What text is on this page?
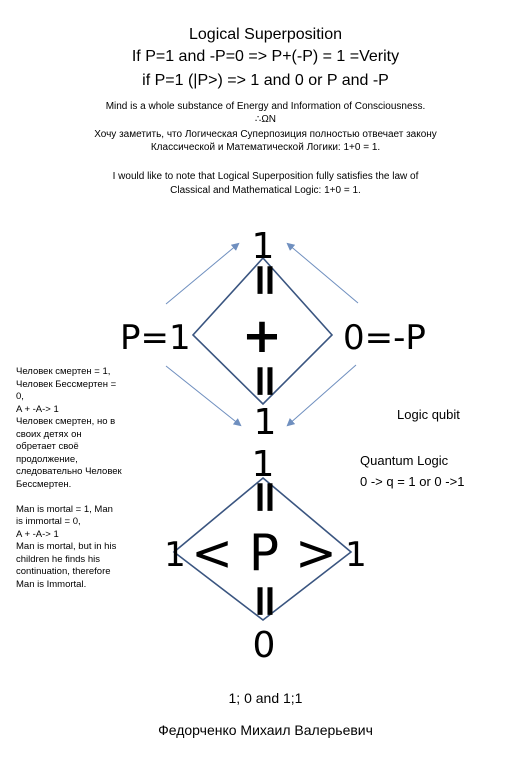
Logical Superposition
If P=1 and -P=0 => P+(-P) = 1 =Verity
if P=1 (|P>) => 1 and 0 or P and -P
Mind is a whole substance of Energy and Information of Consciousness.
∴ΩN
Хочу заметить, что Логическая Суперпозиция полностью отвечает закону
Классической и Математической Логики: 1+0 = 1.
I would like to note that Logical Superposition fully satisfies the law of
Classical and Mathematical Logic: 1+0 = 1.
1
=
P=1 + 0=-P
=
1
1
=
1 < P > 1
=
0

Человек смертен = 1,

Человек Бессмертен =

0,

A + -A-> 1

Человек смертен, но в

своих детях он

обретает своё

продолжение,

следовательно Человек

Бессмертен.

Man is mortal = 1, Man

is immortal = 0,

A + -A-> 1

Man is mortal, but in his

children he finds his

continuation, therefore

Man is Immortal.

Logic qubit
Quantum Logic
0 -> q = 1 or 0 ->1
1; 0 and 1;1
Федорченко Михаил Валерьевич
